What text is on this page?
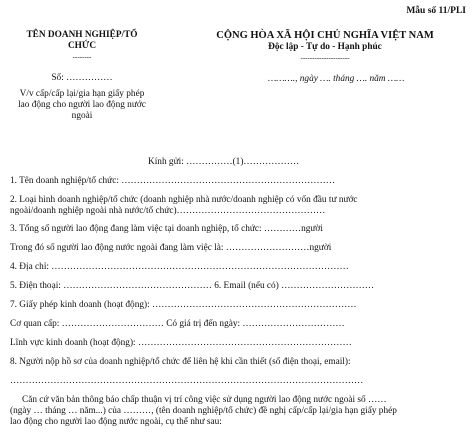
Mẫu số 11/PLI
TÊN DOANH NGHIỆP/TỔ
CHỨC
--------
Số: ……………
V/v cấp/cấp lại/gia hạn giấy phép
lao động cho người lao động nước
ngoài
CỘNG HÒA XÃ HỘI CHỦ NGHĨA VIỆT NAM
Độc lập - Tự do - Hạnh phúc
---------------------
………., ngày …. tháng …. năm ……
Kính gửi: ……………(1)………………
1. Tên doanh nghiệp/tổ chức: ……………………………………………………………
2. Loại hình doanh nghiệp/tổ chức (doanh nghiệp nhà nước/doanh nghiệp có vốn đầu tư nước
ngoài/doanh nghiệp ngoài nhà nước/tổ chức)…………………………………………
3. Tổng số người lao động đang làm việc tại doanh nghiệp, tổ chức: …………người
Trong đó số người lao động nước ngoài đang làm việc là: ………………………người
4. Địa chỉ: ……………………………………………………………………………………
5. Điện thoại: ………………………………………… 6. Email (nếu có) …………………………
7. Giấy phép kinh doanh (hoạt động): …………………………………………………………
Cơ quan cấp: …………………………… Có giá trị đến ngày: ……………………………
Lĩnh vực kinh doanh (hoạt động): ……………………………………………………………
8. Người nộp hồ sơ của doanh nghiệp/tổ chức để liên hệ khi cần thiết (số điện thoại, email):
……………………………………………………………………………………………………
Căn cứ văn bản thông báo chấp thuận vị trí công việc sử dụng người lao động nước ngoài số ……
(ngày … tháng … năm...) của ………, (tên doanh nghiệp/tổ chức) đề nghị cấp/cấp lại/gia hạn giấy phép
lao động cho người lao động nước ngoài, cụ thể như sau:
